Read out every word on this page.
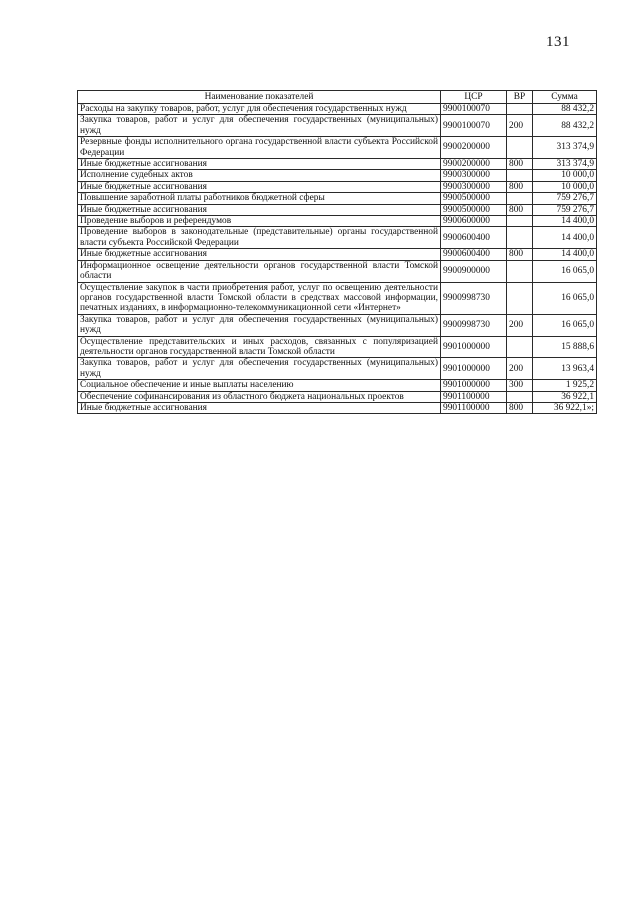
131
Наименование показателей	ЦСР	ВР	Сумма
Расходы на закупку товаров, работ, услуг для обеспечения государственных нужд	9900100070		88 432,2
Закупка товаров, работ и услуг для обеспечения государственных (муниципальных) нужд	9900100070	200	88 432,2
Резервные фонды исполнительного органа государственной власти субъекта Российской Федерации	9900200000		313 374,9
Иные бюджетные ассигнования	9900200000	800	313 374,9
Исполнение судебных актов	9900300000		10 000,0
Иные бюджетные ассигнования	9900300000	800	10 000,0
Повышение заработной платы работников бюджетной сферы	9900500000		759 276,7
Иные бюджетные ассигнования	9900500000	800	759 276,7
Проведение выборов и референдумов	9900600000		14 400,0
Проведение выборов в законодательные (представительные) органы государственной власти субъекта Российской Федерации	9900600400		14 400,0
Иные бюджетные ассигнования	9900600400	800	14 400,0
Информационное освещение деятельности органов государственной власти Томской области	9900900000		16 065,0
Осуществление закупок в части приобретения работ, услуг по освещению деятельности органов государственной власти Томской области в средствах массовой информации, печатных изданиях, в информационно-телекоммуникационной сети «Интернет»	9900998730		16 065,0
Закупка товаров, работ и услуг для обеспечения государственных (муниципальных) нужд	9900998730	200	16 065,0
Осуществление представительских и иных расходов, связанных с популяризацией деятельности органов государственной власти Томской области	9901000000		15 888,6
Закупка товаров, работ и услуг для обеспечения государственных (муниципальных) нужд	9901000000	200	13 963,4
Социальное обеспечение и иные выплаты населению	9901000000	300	1 925,2
Обеспечение софинансирования из областного бюджета национальных проектов	9901100000		36 922,1
Иные бюджетные ассигнования	9901100000	800	36 922,1»;
